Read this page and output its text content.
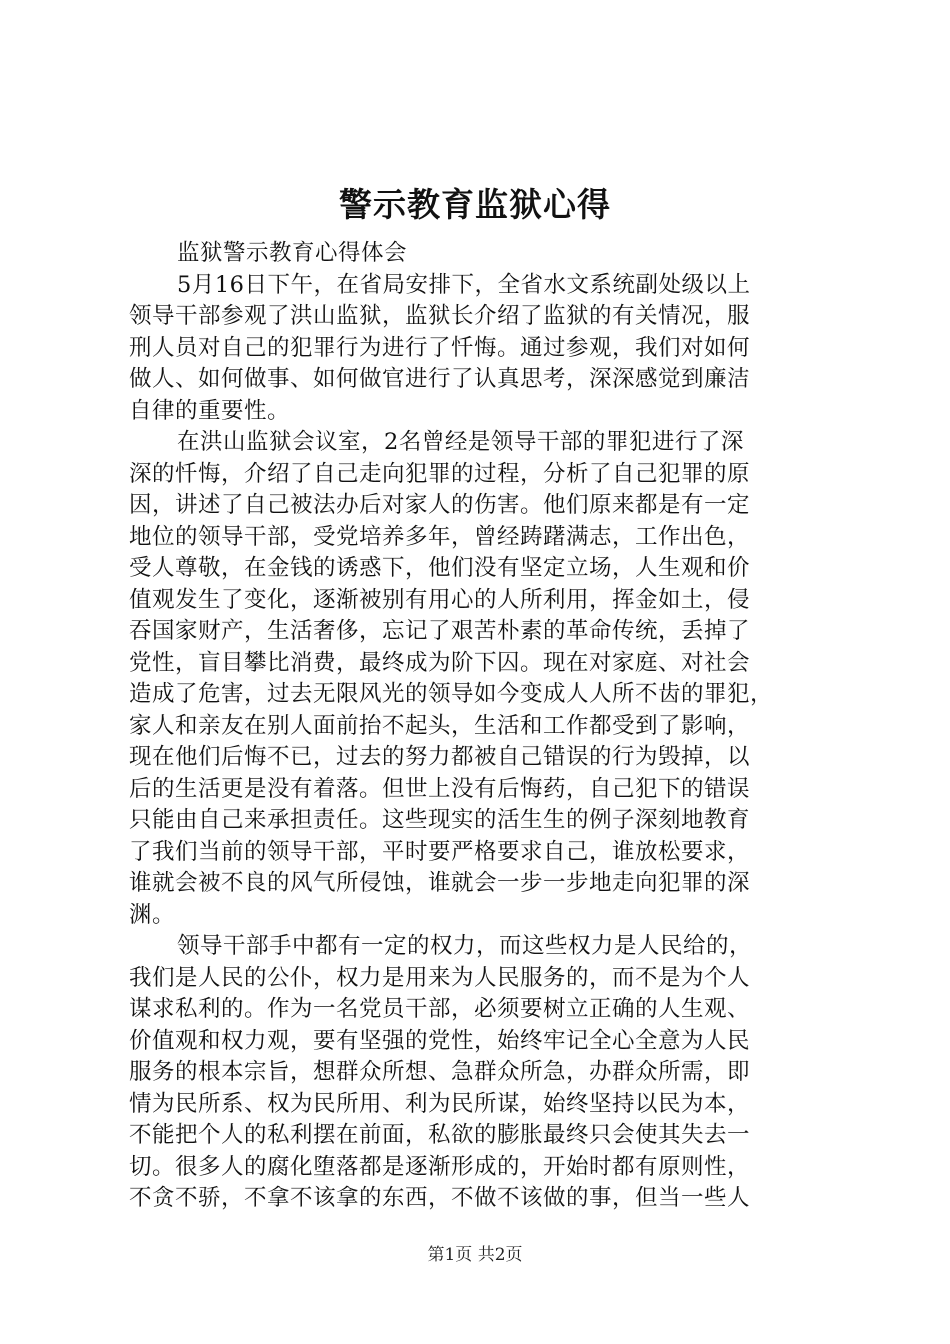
警示教育监狱心得
监狱警示教育心得体会
5月16日下午，在省局安排下，全省水文系统副处级以上
领导干部参观了洪山监狱，监狱长介绍了监狱的有关情况，服
刑人员对自己的犯罪行为进行了忏悔。通过参观，我们对如何
做人、如何做事、如何做官进行了认真思考，深深感觉到廉洁
自律的重要性。
在洪山监狱会议室，2名曾经是领导干部的罪犯进行了深
深的忏悔，介绍了自己走向犯罪的过程，分析了自己犯罪的原
因，讲述了自己被法办后对家人的伤害。他们原来都是有一定
地位的领导干部，受党培养多年，曾经踌躇满志，工作出色，
受人尊敬，在金钱的诱惑下，他们没有坚定立场，人生观和价
值观发生了变化，逐渐被别有用心的人所利用，挥金如土，侵
吞国家财产，生活奢侈，忘记了艰苦朴素的革命传统，丢掉了
党性，盲目攀比消费，最终成为阶下囚。现在对家庭、对社会
造成了危害，过去无限风光的领导如今变成人人所不齿的罪犯，
家人和亲友在别人面前抬不起头，生活和工作都受到了影响，
现在他们后悔不已，过去的努力都被自己错误的行为毁掉，以
后的生活更是没有着落。但世上没有后悔药，自己犯下的错误
只能由自己来承担责任。这些现实的活生生的例子深刻地教育
了我们当前的领导干部，平时要严格要求自己，谁放松要求，
谁就会被不良的风气所侵蚀，谁就会一步一步地走向犯罪的深
渊。
领导干部手中都有一定的权力，而这些权力是人民给的，
我们是人民的公仆，权力是用来为人民服务的，而不是为个人
谋求私利的。作为一名党员干部，必须要树立正确的人生观、
价值观和权力观，要有坚强的党性，始终牢记全心全意为人民
服务的根本宗旨，想群众所想、急群众所急，办群众所需，即
情为民所系、权为民所用、利为民所谋，始终坚持以民为本，
不能把个人的私利摆在前面，私欲的膨胀最终只会使其失去一
切。很多人的腐化堕落都是逐渐形成的，开始时都有原则性，
不贪不骄，不拿不该拿的东西，不做不该做的事，但当一些人
第1页 共2页
